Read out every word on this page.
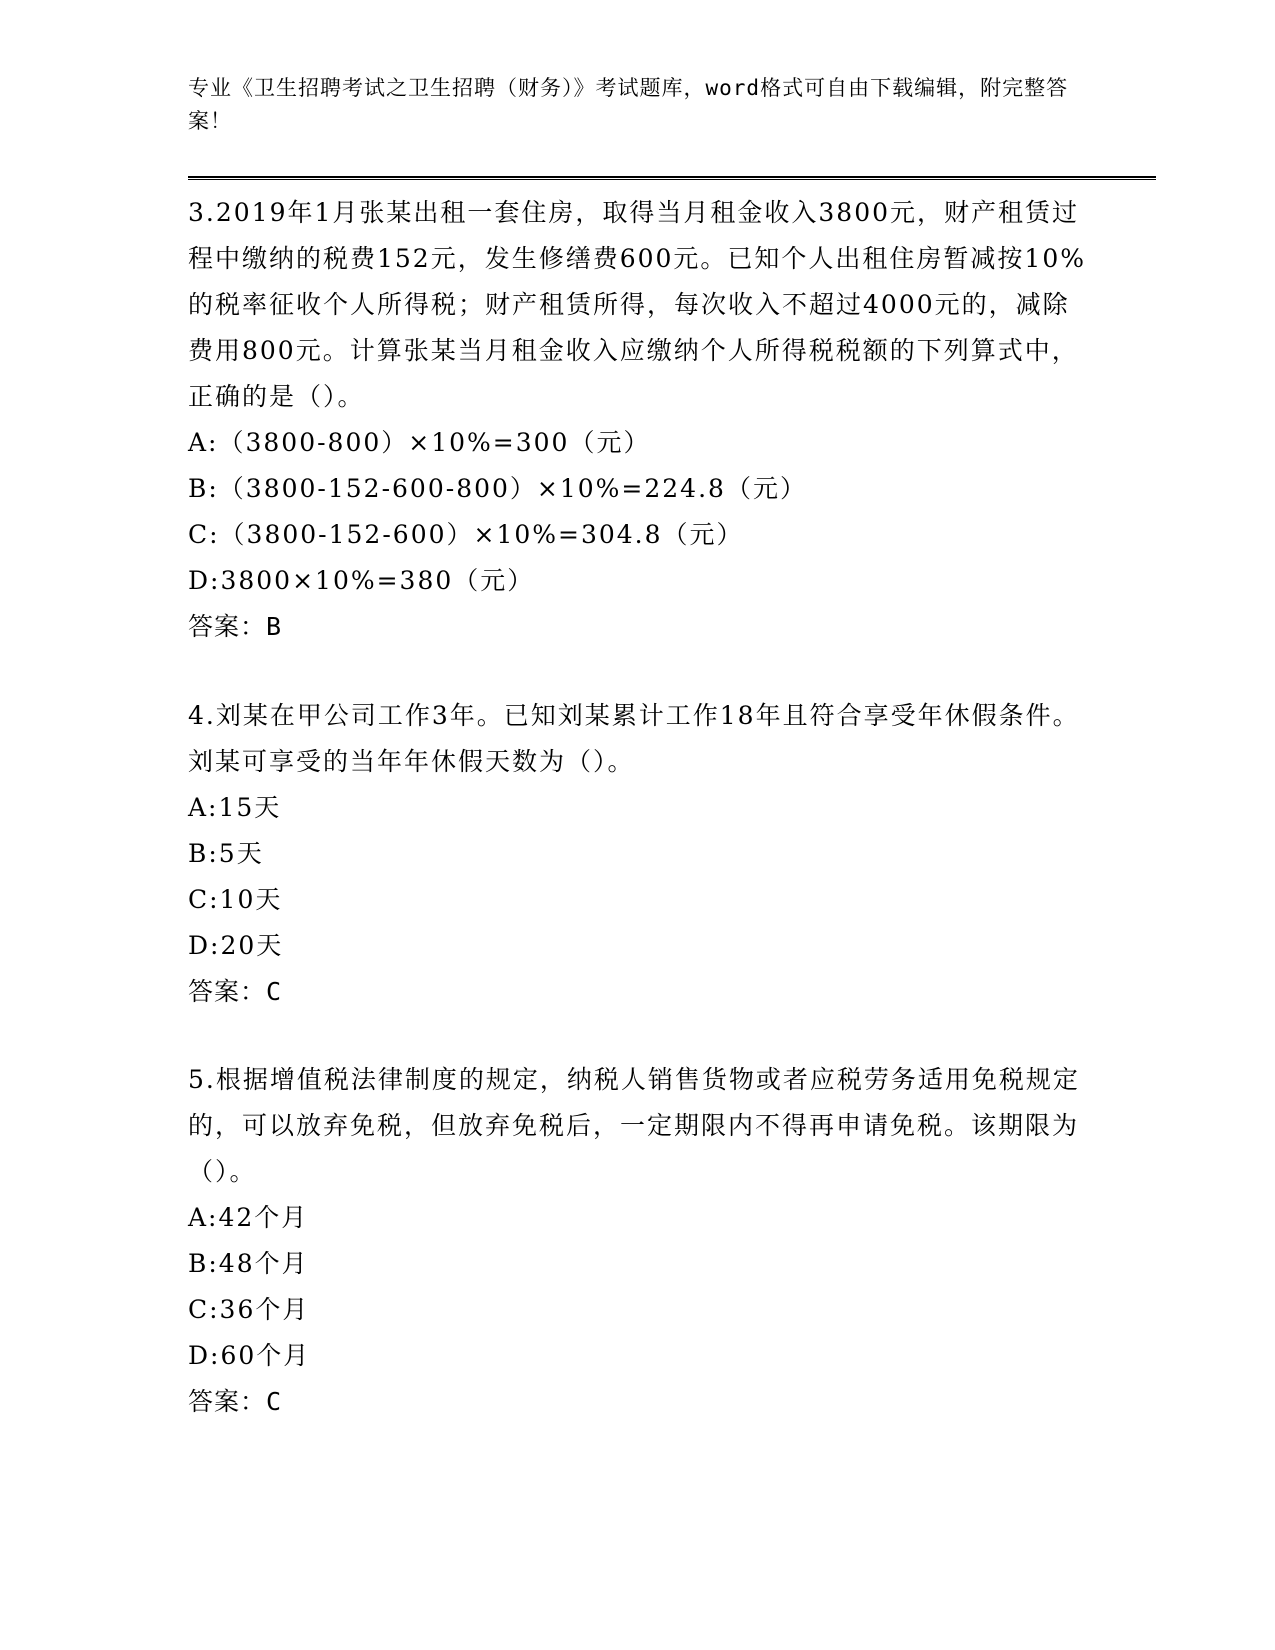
专业《卫生招聘考试之卫生招聘（财务）》考试题库，word格式可自由下载编辑，附完整答案！
3.2019年1月张某出租一套住房，取得当月租金收入3800元，财产租赁过程中缴纳的税费152元，发生修缮费600元。已知个人出租住房暂减按10%的税率征收个人所得税；财产租赁所得，每次收入不超过4000元的，减除费用800元。计算张某当月租金收入应缴纳个人所得税税额的下列算式中，正确的是（）。
A:（3800-800）×10%=300（元）
B:（3800-152-600-800）×10%=224.8（元）
C:（3800-152-600）×10%=304.8（元）
D:3800×10%=380（元）
答案：B
4.刘某在甲公司工作3年。已知刘某累计工作18年且符合享受年休假条件。刘某可享受的当年年休假天数为（）。
A:15天
B:5天
C:10天
D:20天
答案：C
5.根据增值税法律制度的规定，纳税人销售货物或者应税劳务适用免税规定的，可以放弃免税，但放弃免税后，一定期限内不得再申请免税。该期限为（）。
A:42个月
B:48个月
C:36个月
D:60个月
答案：C
